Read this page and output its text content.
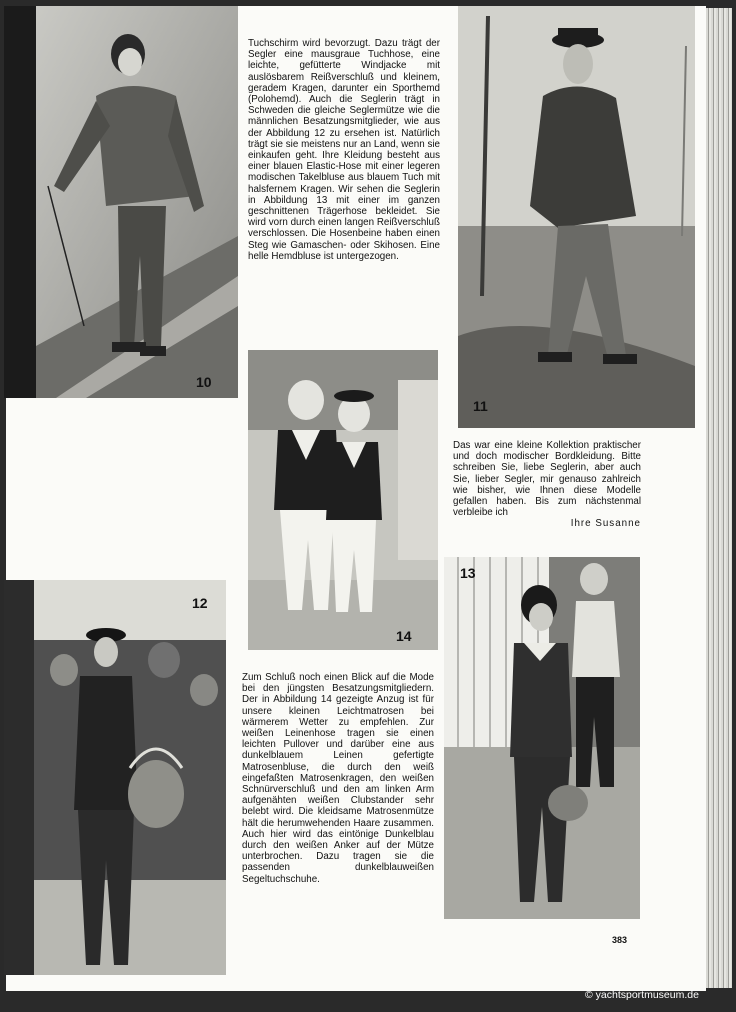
10

Tuchschirm wird bevorzugt. Dazu trägt der Segler eine mausgraue Tuchhose, eine leichte, gefütterte Windjacke mit auslösbarem Reißverschluß und kleinem, geradem Kragen, darunter ein Sporthemd (Polohemd). Auch die Seglerin trägt in Schweden die gleiche Seglermütze wie die männlichen Besatzungsmitglieder, wie aus der Abbildung 12 zu ersehen ist. Natürlich trägt sie sie meistens nur an Land, wenn sie einkaufen geht. Ihre Kleidung besteht aus einer blauen Elastic-Hose mit einer legeren modischen Takelbluse aus blauem Tuch mit halsfernem Kragen. Wir sehen die Seglerin in Abbildung 13 mit einer im ganzen geschnittenen Trägerhose bekleidet. Sie wird vorn durch einen langen Reißverschluß verschlossen. Die Hosenbeine haben einen Steg wie Gamaschen- oder Skihosen. Eine helle Hemdbluse ist untergezogen.

11
14

Das war eine kleine Kollektion praktischer und doch modischer Bordkleidung. Bitte schreiben Sie, liebe Seglerin, aber auch Sie, lieber Segler, mir genauso zahlreich wie bisher, wie Ihnen diese Modelle gefallen haben. Bis zum nächstenmal verbleibe ich

Ihre Susanne

12

Zum Schluß noch einen Blick auf die Mode bei den jüngsten Besatzungsmitgliedern. Der in Abbildung 14 gezeigte Anzug ist für unsere kleinen Leichtmatrosen bei wärmerem Wetter zu empfehlen. Zur weißen Leinenhose tragen sie einen leichten Pullover und darüber eine aus dunkelblauem Leinen gefertigte Matrosenbluse, die durch den weiß eingefaßten Matrosenkragen, den weißen Schnürverschluß und den am linken Arm aufgenähten weißen Clubstander sehr belebt wird. Die kleidsame Matrosenmütze hält die herumwehenden Haare zusammen. Auch hier wird das eintönige Dunkelblau durch den weißen Anker auf der Mütze unterbrochen. Dazu tragen sie die passenden dunkelblauweißen Segeltuchschuhe.

13
383
© yachtsportmuseum.de
